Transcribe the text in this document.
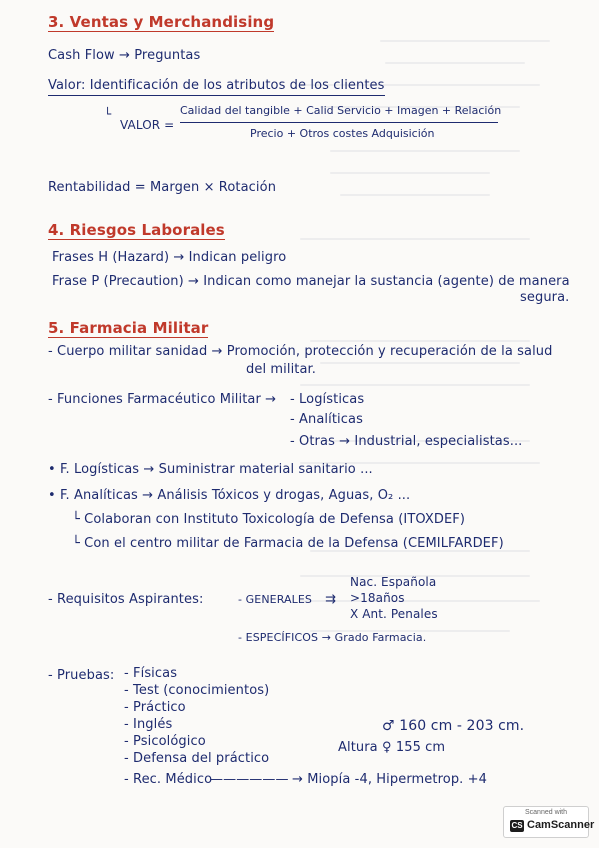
3. Ventas y Merchandising
Cash Flow → Preguntas
Valor: Identificación de los atributos de los clientes
└
VALOR =
Calidad del tangible + Calid Servicio + Imagen + Relación
Precio + Otros costes Adquisición
Rentabilidad = Margen × Rotación
4. Riesgos Laborales
Frases H (Hazard) → Indican peligro
Frase P (Precaution) → Indican como manejar la sustancia (agente) de manera
segura.
5. Farmacia Militar
- Cuerpo militar sanidad → Promoción, protección y recuperación de la salud
del militar.
- Funciones Farmacéutico Militar → - Logísticas
- Analíticas
- Otras → Industrial, especialistas...
• F. Logísticas → Suministrar material sanitario ...
• F. Analíticas → Análisis Tóxicos y drogas, Aguas, O₂ ...
└ Colaboran con Instituto Toxicología de Defensa (ITOXDEF)
└ Con el centro militar de Farmacia de la Defensa (CEMILFARDEF)
- Requisitos Aspirantes:	- GENERALES ⇉
Nac. Española
>18años
X Ant. Penales
- ESPECÍFICOS → Grado Farmacia.
- Pruebas: - Físicas
- Test (conocimientos)
- Práctico
- Inglés
- Psicológico
- Defensa del práctico
- Rec. Médico
♂ 160 cm - 203 cm.
Altura ♀ 155 cm
—————— → Miopía -4, Hipermetrop. +4
Scanned with
CS CamScanner
